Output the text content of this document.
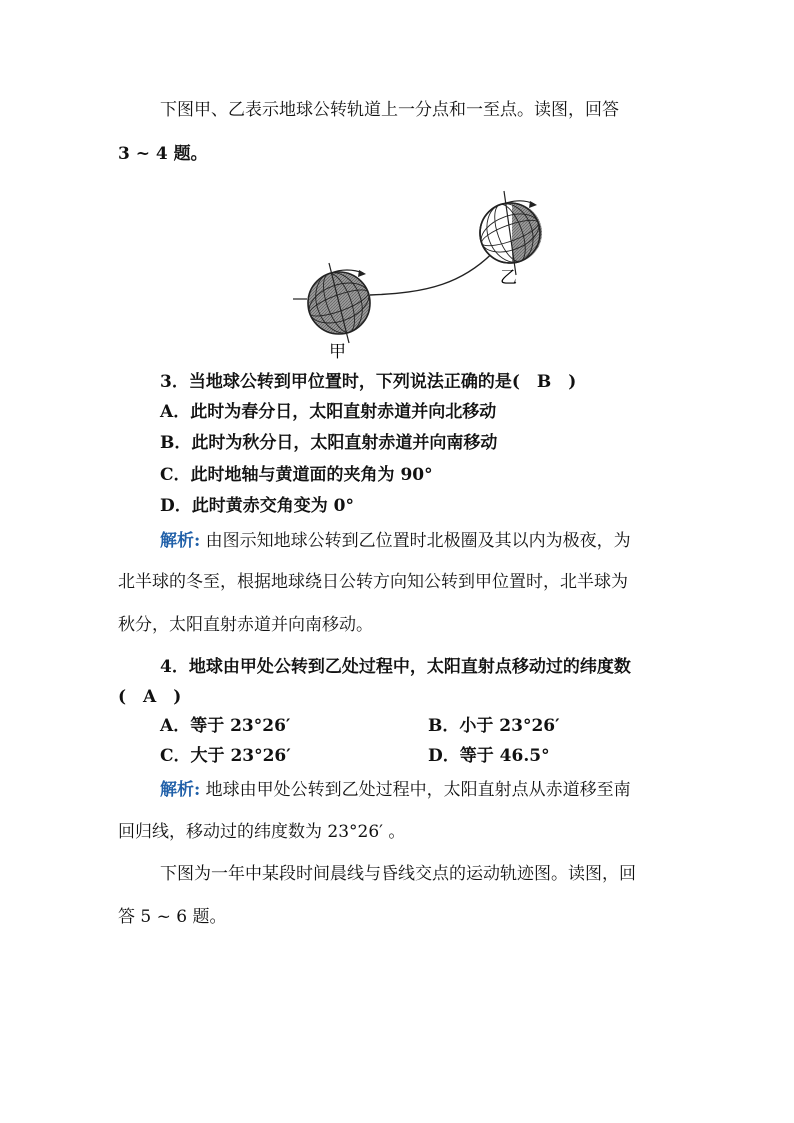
下图甲、乙表示地球公转轨道上一分点和一至点。读图，回答
3 ~ 4 题。
甲
乙
3．当地球公转到甲位置时，下列说法正确的是(　B　)
A．此时为春分日，太阳直射赤道并向北移动
B．此时为秋分日，太阳直射赤道并向南移动
C．此时地轴与黄道面的夹角为 90°
D．此时黄赤交角变为 0°
解析: 由图示知地球公转到乙位置时北极圈及其以内为极夜，为
北半球的冬至，根据地球绕日公转方向知公转到甲位置时，北半球为
秋分，太阳直射赤道并向南移动。
4．地球由甲处公转到乙处过程中，太阳直射点移动过的纬度数
(　A　)
A．等于 23°26′	B．小于 23°26′
C．大于 23°26′	D．等于 46.5°
解析: 地球由甲处公转到乙处过程中，太阳直射点从赤道移至南
回归线，移动过的纬度数为 23°26′ 。
下图为一年中某段时间晨线与昏线交点的运动轨迹图。读图，回
答 5 ~ 6 题。
